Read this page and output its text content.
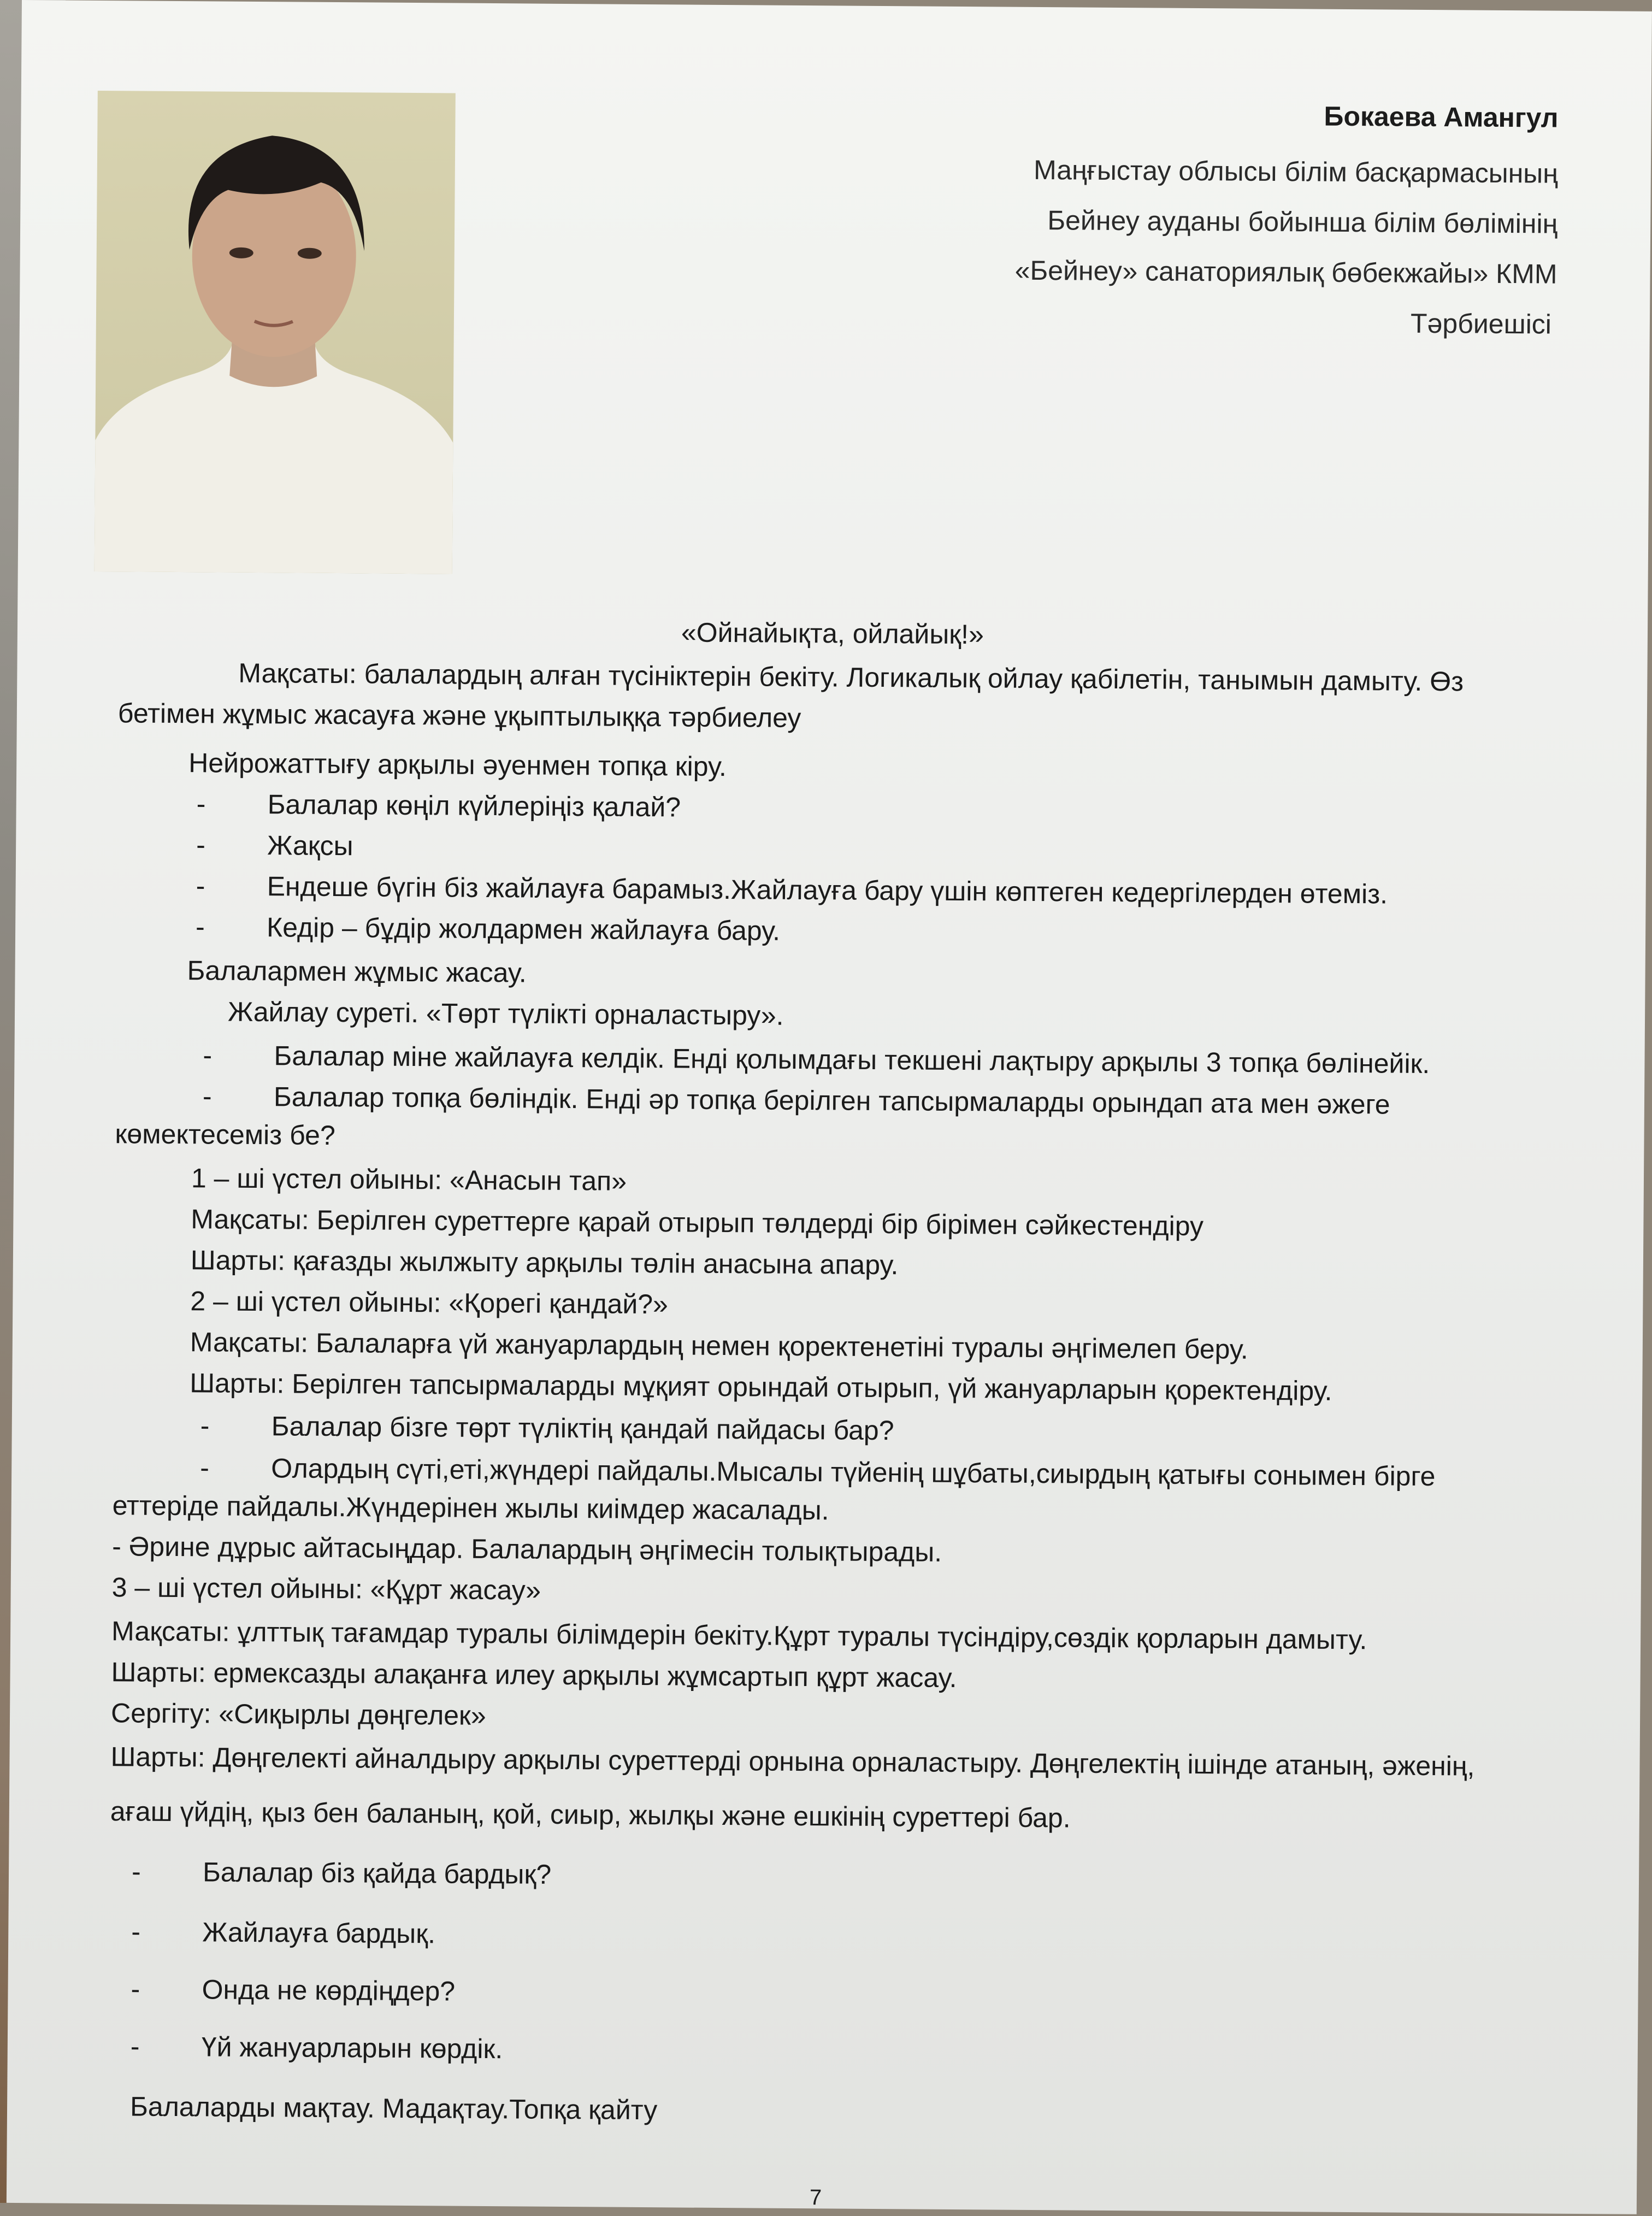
Бокаева Амангул
Маңғыстау облысы білім басқармасының
Бейнеу ауданы бойынша білім бөлімінің
«Бейнеу» санаториялық бөбекжайы» КММ
Тәрбиешісі
«Ойнайықта, ойлайық!»
Мақсаты: балалардың алған түсініктерін бекіту. Логикалық ойлау қабілетін, танымын дамыту. Өз
бетімен жұмыс жасауға және ұқыптылыққа тәрбиелеу
Нейрожаттығу арқылы әуенмен топқа кіру.
- Балалар көңіл күйлеріңіз қалай?
- Жақсы
- Ендеше бүгін біз жайлауға барамыз.Жайлауға бару үшін көптеген кедергілерден өтеміз.
- Кедір – бұдір жолдармен жайлауға бару.
Балалармен жұмыс жасау.
Жайлау суреті. «Төрт түлікті орналастыру».
- Балалар міне жайлауға келдік. Енді қолымдағы текшені лақтыру арқылы 3 топқа бөлінейік.
- Балалар топқа бөліндік. Енді әр топқа берілген тапсырмаларды орындап ата мен әжеге
көмектесеміз бе?
1 – ші үстел ойыны: «Анасын тап»
Мақсаты: Берілген суреттерге қарай отырып төлдерді бір бірімен сәйкестендіру
Шарты: қағазды жылжыту арқылы төлін анасына апару.
2 – ші үстел ойыны: «Қорегі қандай?»
Мақсаты: Балаларға үй жануарлардың немен қоректенетіні туралы әңгімелеп беру.
Шарты: Берілген тапсырмаларды мұқият орындай отырып, үй жануарларын қоректендіру.
- Балалар бізге төрт түліктің қандай пайдасы бар?
- Олардың сүті,еті,жүндері пайдалы.Мысалы түйенің шұбаты,сиырдың қатығы сонымен бірге
еттеріде пайдалы.Жүндерінен жылы киімдер жасалады.
- Әрине дұрыс айтасыңдар. Балалардың әңгімесін толықтырады.
3 – ші үстел ойыны: «Құрт жасау»
Мақсаты: ұлттық тағамдар туралы білімдерін бекіту.Құрт туралы түсіндіру,сөздік қорларын дамыту.
Шарты: ермексазды алақанға илеу арқылы жұмсартып құрт жасау.
Сергіту: «Сиқырлы дөңгелек»
Шарты: Дөңгелекті айналдыру арқылы суреттерді орнына орналастыру. Дөңгелектің ішінде атаның, әженің,
ағаш үйдің, қыз бен баланың, қой, сиыр, жылқы және ешкінің суреттері бар.
- Балалар біз қайда бардық?
- Жайлауға бардық.
- Онда не көрдіңдер?
- Үй жануарларын көрдік.
Балаларды мақтау. Мадақтау.Топқа қайту
7
